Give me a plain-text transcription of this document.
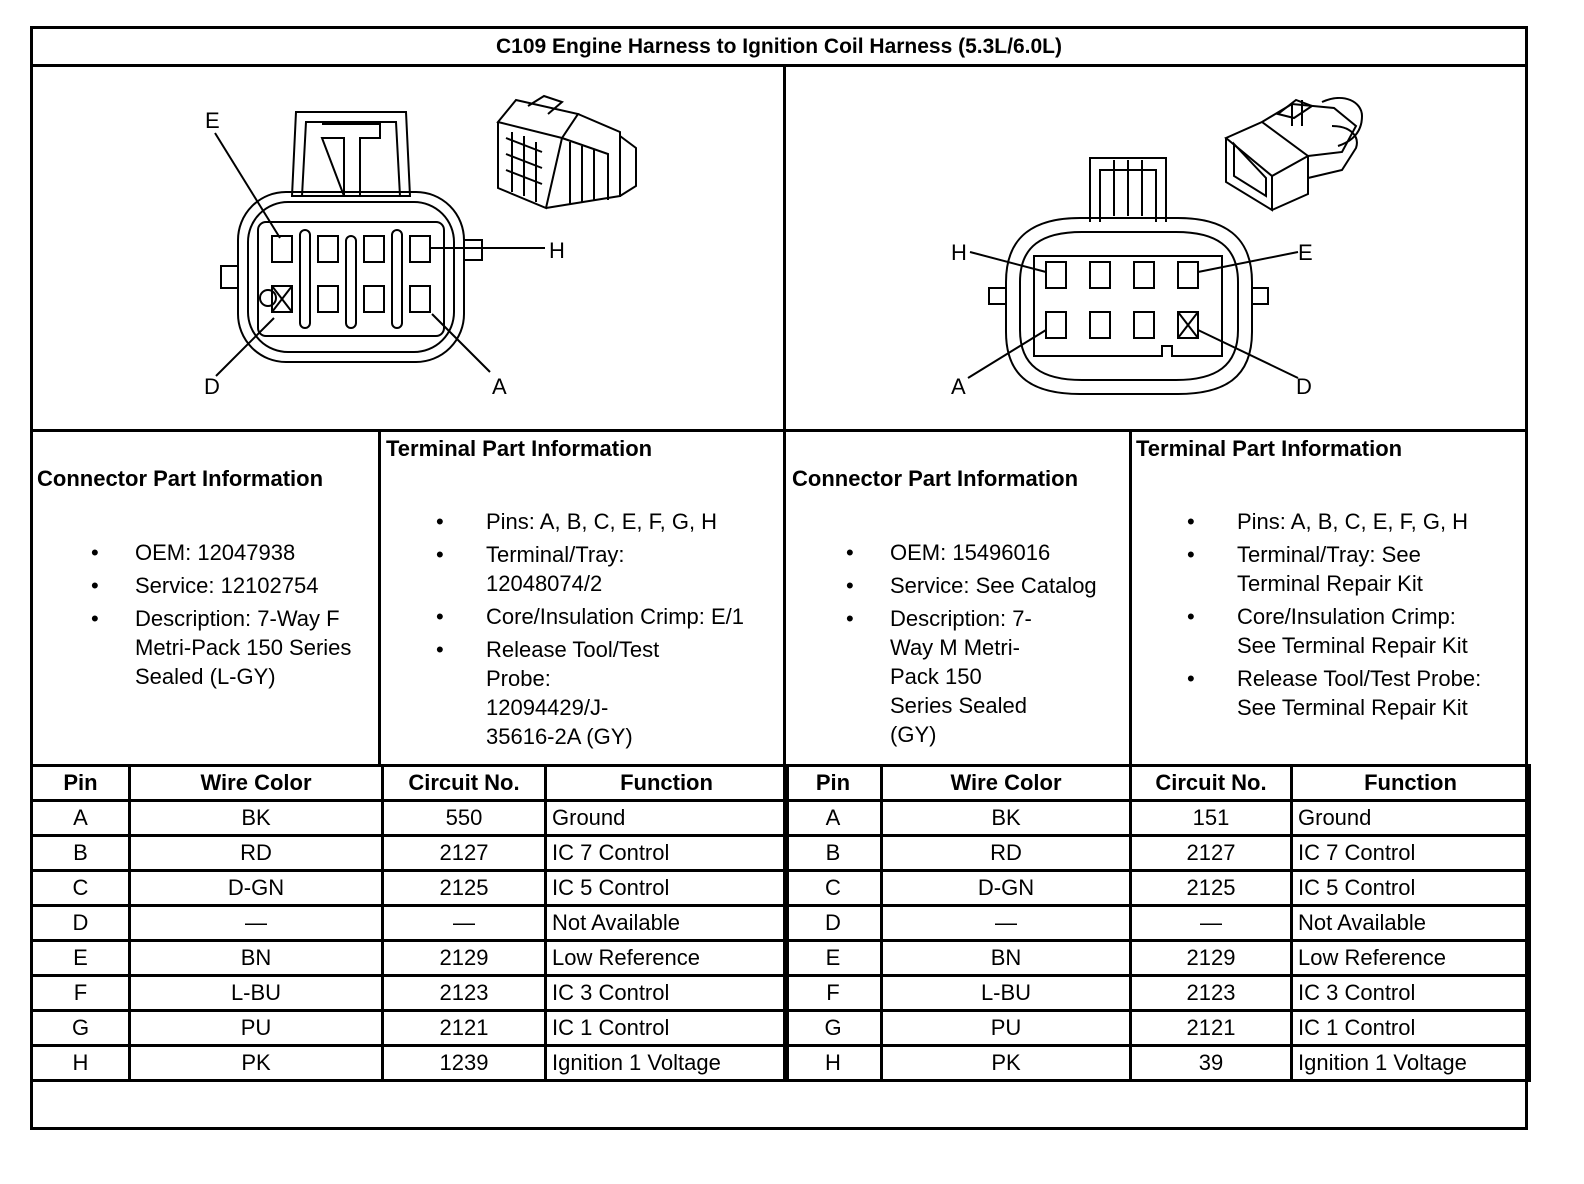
C109 Engine Harness to Ignition Coil Harness (5.3L/6.0L)
E
H
D	A
H	E
A	D
Connector Part Information
• OEM: 12047938
• Service: 12102754
• Description: 7-Way F Metri-Pack 150 Series Sealed (L-GY)
Terminal Part Information
• Pins: A, B, C, E, F, G, H
• Terminal/Tray: 12048074/2
• Core/Insulation Crimp: E/1
• Release Tool/Test Probe: 12094429/J-35616-2A (GY)
Connector Part Information
• OEM: 15496016
• Service: See Catalog
• Description: 7-Way M Metri-Pack 150 Series Sealed (GY)
Terminal Part Information
• Pins: A, B, C, E, F, G, H
• Terminal/Tray: See Terminal Repair Kit
• Core/Insulation Crimp: See Terminal Repair Kit
• Release Tool/Test Probe: See Terminal Repair Kit
Pin	Wire Color	Circuit No.	Function
A	BK	550	Ground
B	RD	2127	IC 7 Control
C	D-GN	2125	IC 5 Control
D	—	—	Not Available
E	BN	2129	Low Reference
F	L-BU	2123	IC 3 Control
G	PU	2121	IC 1 Control
H	PK	1239	Ignition 1 Voltage
Pin	Wire Color	Circuit No.	Function
A	BK	151	Ground
B	RD	2127	IC 7 Control
C	D-GN	2125	IC 5 Control
D	—	—	Not Available
E	BN	2129	Low Reference
F	L-BU	2123	IC 3 Control
G	PU	2121	IC 1 Control
H	PK	39	Ignition 1 Voltage
